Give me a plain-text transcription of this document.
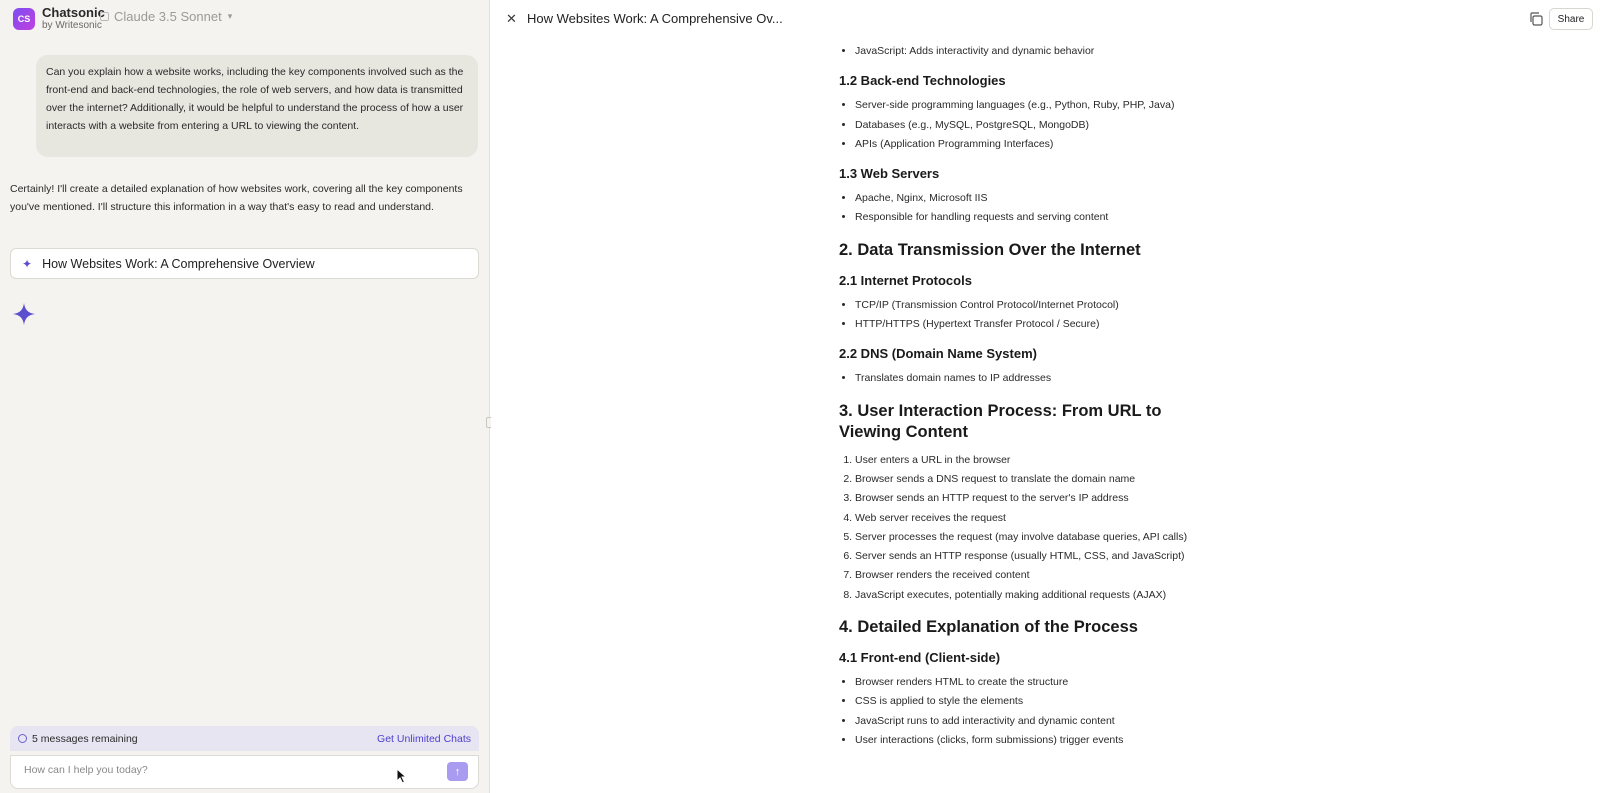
CS Chatsonic
by Writesonic
Claude 3.5 Sonnet ▾
Can you explain how a website works, including the key components involved such as the front-end and back-end technologies, the role of web servers, and how data is transmitted over the internet? Additionally, it would be helpful to understand the process of how a user interacts with a website from entering a URL to viewing the content.
Certainly! I'll create a detailed explanation of how websites work, covering all the key components you've mentioned. I'll structure this information in a way that's easy to read and understand.
✦ How Websites Work: A Comprehensive Overview
5 messages remaining	Get Unlimited Chats
How can I help you today?
↑
✕ How Websites Work: A Comprehensive Ov...	Share
• JavaScript: Adds interactivity and dynamic behavior
1.2 Back-end Technologies
• Server-side programming languages (e.g., Python, Ruby, PHP, Java)
• Databases (e.g., MySQL, PostgreSQL, MongoDB)
• APIs (Application Programming Interfaces)
1.3 Web Servers
• Apache, Nginx, Microsoft IIS
• Responsible for handling requests and serving content
2. Data Transmission Over the Internet
2.1 Internet Protocols
• TCP/IP (Transmission Control Protocol/Internet Protocol)
• HTTP/HTTPS (Hypertext Transfer Protocol / Secure)
2.2 DNS (Domain Name System)
• Translates domain names to IP addresses
3. User Interaction Process: From URL to Viewing Content
1. User enters a URL in the browser
2. Browser sends a DNS request to translate the domain name
3. Browser sends an HTTP request to the server's IP address
4. Web server receives the request
5. Server processes the request (may involve database queries, API calls)
6. Server sends an HTTP response (usually HTML, CSS, and JavaScript)
7. Browser renders the received content
8. JavaScript executes, potentially making additional requests (AJAX)
4. Detailed Explanation of the Process
4.1 Front-end (Client-side)
• Browser renders HTML to create the structure
• CSS is applied to style the elements
• JavaScript runs to add interactivity and dynamic content
• User interactions (clicks, form submissions) trigger events
